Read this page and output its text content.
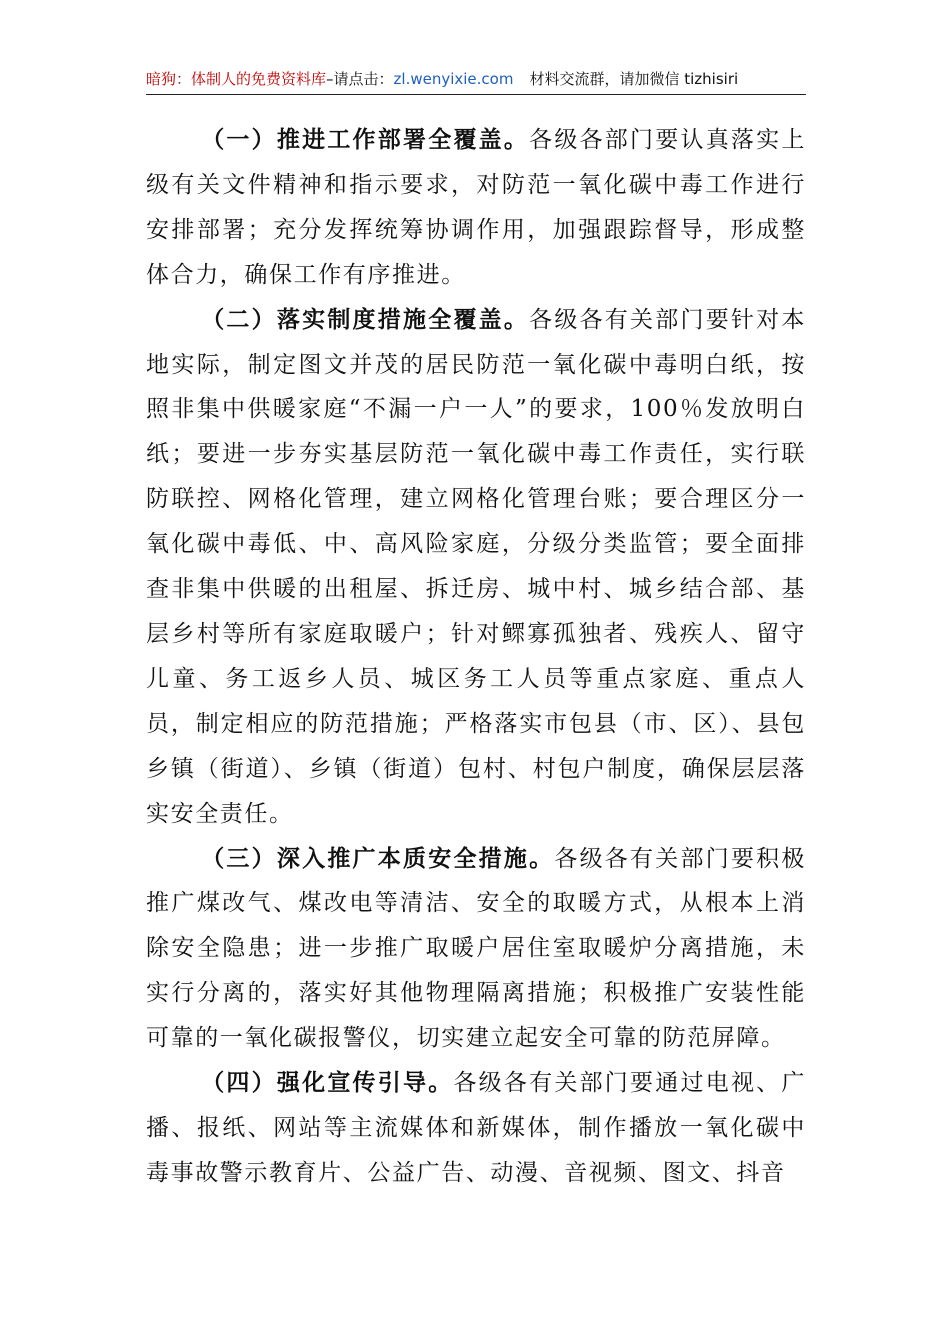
暗狗：体制人的免费资料库–请点击：zl.wenyixie.com 材料交流群，请加微信 tizhisiri

（一）推进工作部署全覆盖。各级各部门要认真落实上级有关文件精神和指示要求，对防范一氧化碳中毒工作进行安排部署；充分发挥统筹协调作用，加强跟踪督导，形成整体合力，确保工作有序推进。

（二）落实制度措施全覆盖。各级各有关部门要针对本地实际，制定图文并茂的居民防范一氧化碳中毒明白纸，按照非集中供暖家庭“不漏一户一人”的要求，100％发放明白纸；要进一步夯实基层防范一氧化碳中毒工作责任，实行联防联控、网格化管理，建立网格化管理台账；要合理区分一氧化碳中毒低、中、高风险家庭，分级分类监管；要全面排查非集中供暖的出租屋、拆迁房、城中村、城乡结合部、基层乡村等所有家庭取暖户；针对鳏寡孤独者、残疾人、留守儿童、务工返乡人员、城区务工人员等重点家庭、重点人员，制定相应的防范措施；严格落实市包县（市、区）、县包乡镇（街道）、乡镇（街道）包村、村包户制度，确保层层落实安全责任。

（三）深入推广本质安全措施。各级各有关部门要积极推广煤改气、煤改电等清洁、安全的取暖方式，从根本上消除安全隐患；进一步推广取暖户居住室取暖炉分离措施，未实行分离的，落实好其他物理隔离措施；积极推广安装性能可靠的一氧化碳报警仪，切实建立起安全可靠的防范屏障。

（四）强化宣传引导。各级各有关部门要通过电视、广播、报纸、网站等主流媒体和新媒体，制作播放一氧化碳中毒事故警示教育片、公益广告、动漫、音视频、图文、抖音
